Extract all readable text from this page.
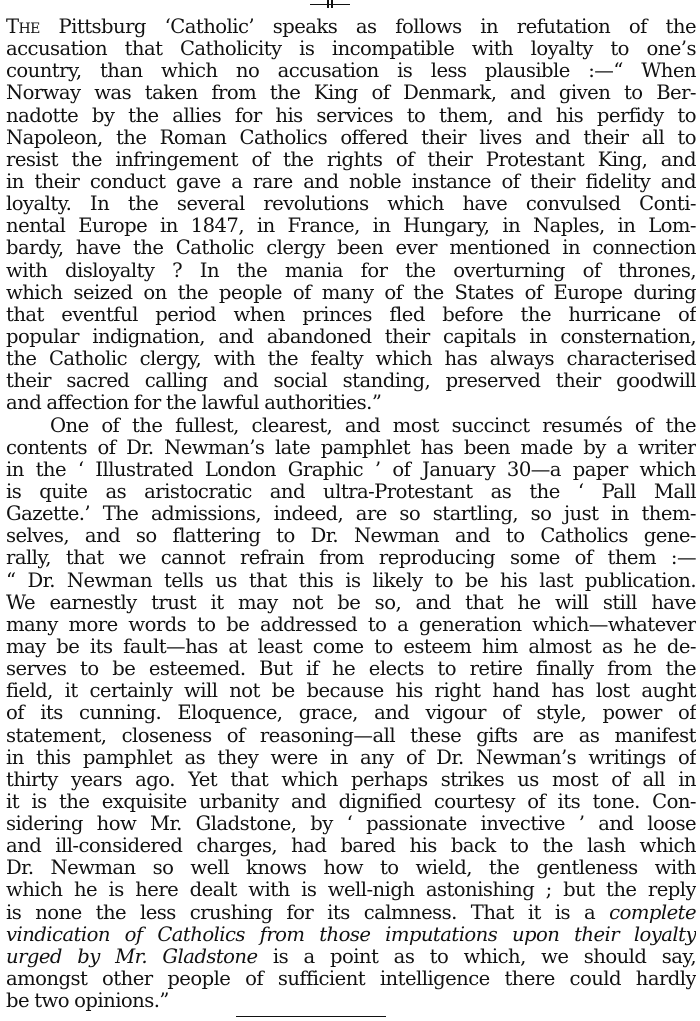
The Pittsburg ‘Catholic’ speaks as follows in refutation of the
accusation that Catholicity is incompatible with loyalty to one’s
country, than which no accusation is less plausible :—“ When
Norway was taken from the King of Denmark, and given to Ber-
nadotte by the allies for his services to them, and his perfidy to
Napoleon, the Roman Catholics offered their lives and their all to
resist the infringement of the rights of their Protestant King, and
in their conduct gave a rare and noble instance of their fidelity and
loyalty. In the several revolutions which have convulsed Conti-
nental Europe in 1847, in France, in Hungary, in Naples, in Lom-
bardy, have the Catholic clergy been ever mentioned in connection
with disloyalty ? In the mania for the overturning of thrones,
which seized on the people of many of the States of Europe during
that eventful period when princes fled before the hurricane of
popular indignation, and abandoned their capitals in consternation,
the Catholic clergy, with the fealty which has always characterised
their sacred calling and social standing, preserved their goodwill
and affection for the lawful authorities.”
One of the fullest, clearest, and most succinct resumés of the
contents of Dr. Newman’s late pamphlet has been made by a writer
in the ‘ Illustrated London Graphic ’ of January 30—a paper which
is quite as aristocratic and ultra-Protestant as the ‘ Pall Mall
Gazette.’ The admissions, indeed, are so startling, so just in them-
selves, and so flattering to Dr. Newman and to Catholics gene-
rally, that we cannot refrain from reproducing some of them :—
“ Dr. Newman tells us that this is likely to be his last publication.
We earnestly trust it may not be so, and that he will still have
many more words to be addressed to a generation which—whatever
may be its fault—has at least come to esteem him almost as he de-
serves to be esteemed. But if he elects to retire finally from the
field, it certainly will not be because his right hand has lost aught
of its cunning. Eloquence, grace, and vigour of style, power of
statement, closeness of reasoning—all these gifts are as manifest
in this pamphlet as they were in any of Dr. Newman’s writings of
thirty years ago. Yet that which perhaps strikes us most of all in
it is the exquisite urbanity and dignified courtesy of its tone. Con-
sidering how Mr. Gladstone, by ‘ passionate invective ’ and loose
and ill-considered charges, had bared his back to the lash which
Dr. Newman so well knows how to wield, the gentleness with
which he is here dealt with is well-nigh astonishing ; but the reply
is none the less crushing for its calmness. That it is a complete
vindication of Catholics from those imputations upon their loyalty
urged by Mr. Gladstone is a point as to which, we should say,
amongst other people of sufficient intelligence there could hardly
be two opinions.”
